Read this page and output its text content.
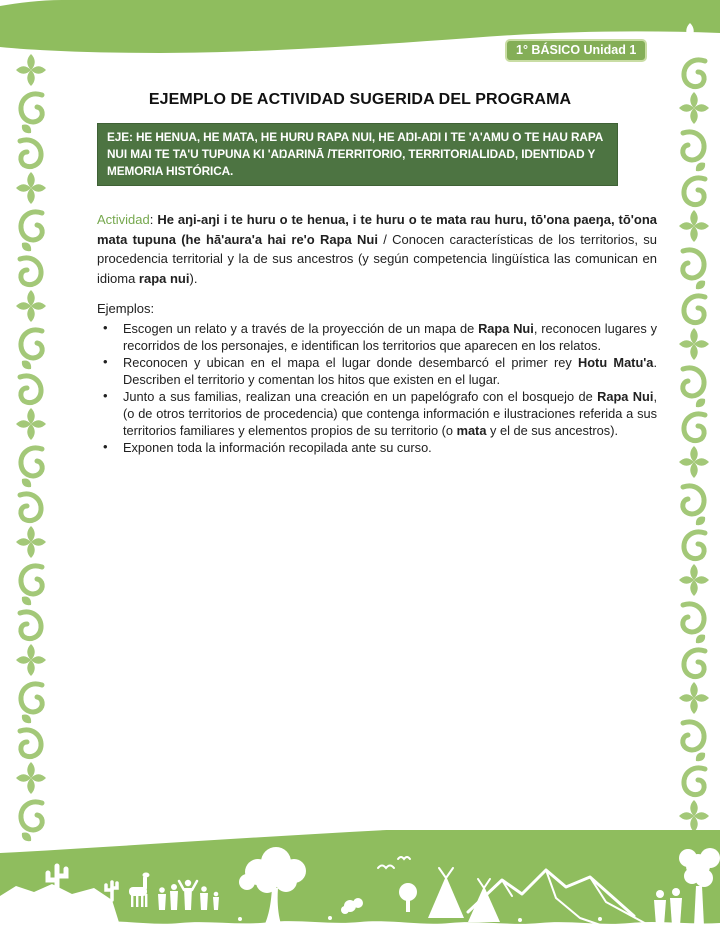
1° BÁSICO Unidad 1
EJEMPLO DE ACTIVIDAD SUGERIDA DEL PROGRAMA
EJE: HE HENUA, HE MATA, HE HURU RAPA NUI, HE AŊI-AŊI I TE 'A'AMU O TE HAU RAPA NUI MAI TE TA'U TUPUNA KI 'AŊARINĀ /TERRITORIO, TERRITORIALIDAD, IDENTIDAD Y MEMORIA HISTÓRICA.

Actividad: He aŋi-aŋi i te huru o te henua, i te huru o te mata rau huru, tō'ona paeŋa, tō'ona mata tupuna (he hā'aura'a hai re'o Rapa Nui / Conocen características de los territorios, su procedencia territorial y la de sus ancestros (y según competencia lingüística las comunican en idioma rapa nui).

Ejemplos:
• Escogen un relato y a través de la proyección de un mapa de Rapa Nui, reconocen lugares y recorridos de los personajes, e identifican los territorios que aparecen en los relatos.
• Reconocen y ubican en el mapa el lugar donde desembarcó el primer rey Hotu Matu'a. Describen el territorio y comentan los hitos que existen en el lugar.
• Junto a sus familias, realizan una creación en un papelógrafo con el bosquejo de Rapa Nui, (o de otros territorios de procedencia) que contenga información e ilustraciones referida a sus territorios familiares y elementos propios de su territorio (o mata y el de sus ancestros).
• Exponen toda la información recopilada ante su curso.
